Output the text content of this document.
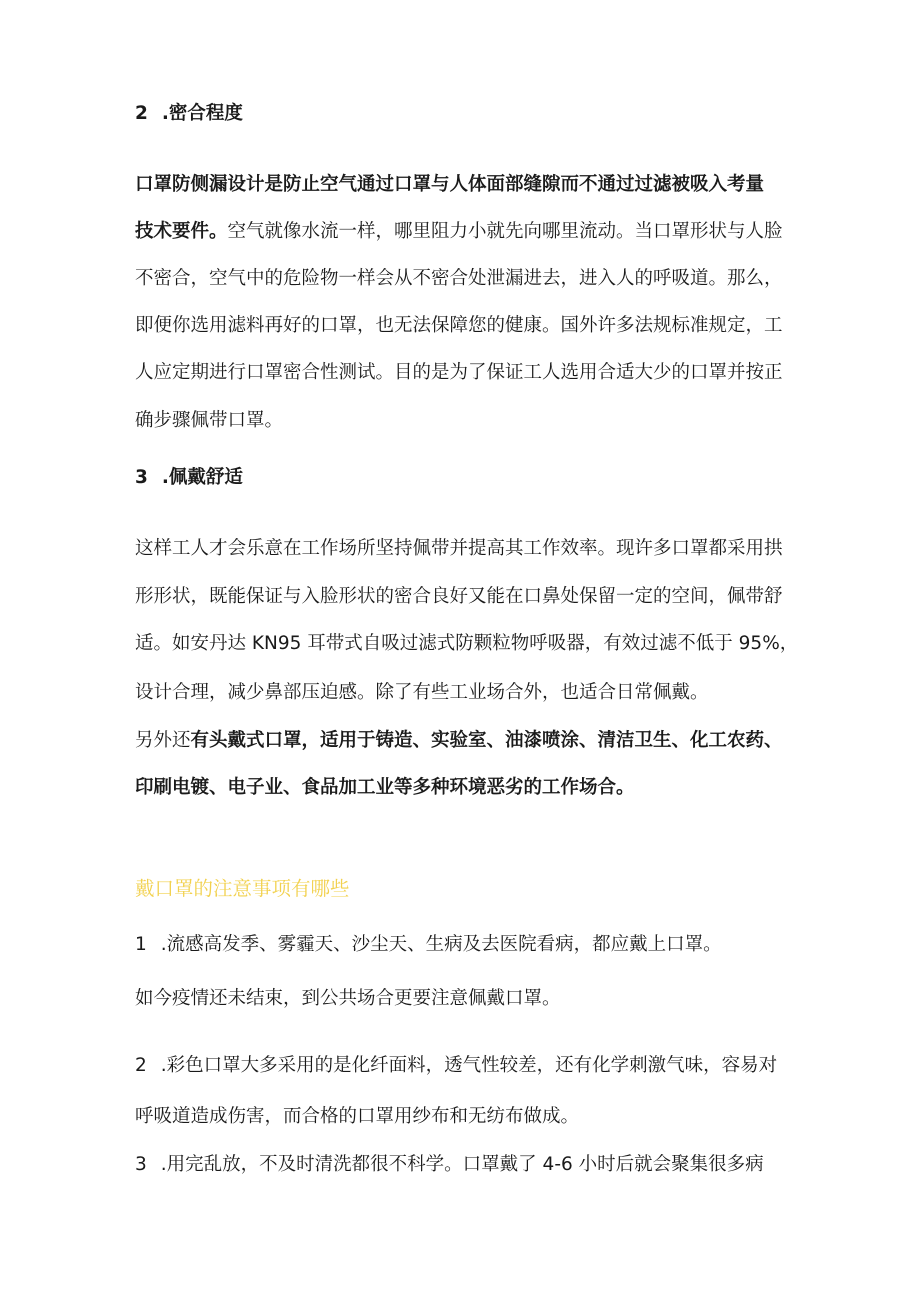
2 .密合程度

口罩防侧漏设计是防止空气通过口罩与人体面部缝隙而不通过过滤被吸入考量

技术要件。空气就像水流一样，哪里阻力小就先向哪里流动。当口罩形状与人脸

不密合，空气中的危险物一样会从不密合处泄漏进去，进入人的呼吸道。那么，

即便你选用滤料再好的口罩，也无法保障您的健康。国外许多法规标准规定，工

人应定期进行口罩密合性测试。目的是为了保证工人选用合适大少的口罩并按正

确步骤佩带口罩。

3 .佩戴舒适

这样工人才会乐意在工作场所坚持佩带并提高其工作效率。现许多口罩都采用拱

形形状，既能保证与入脸形状的密合良好又能在口鼻处保留一定的空间，佩带舒

适。如安丹达 KN95 耳带式自吸过滤式防颗粒物呼吸器，有效过滤不低于 95%，

设计合理，减少鼻部压迫感。除了有些工业场合外，也适合日常佩戴。

另外还有头戴式口罩，适用于铸造、实验室、油漆喷涂、清洁卫生、化工农药、

印刷电镀、电子业、食品加工业等多种环境恶劣的工作场合。

戴口罩的注意事项有哪些

1 .流感高发季、雾霾天、沙尘天、生病及去医院看病，都应戴上口罩。

如今疫情还未结束，到公共场合更要注意佩戴口罩。

2 .彩色口罩大多采用的是化纤面料，透气性较差，还有化学刺激气味，容易对

呼吸道造成伤害，而合格的口罩用纱布和无纺布做成。

3 .用完乱放，不及时清洗都很不科学。口罩戴了 4-6 小时后就会聚集很多病
